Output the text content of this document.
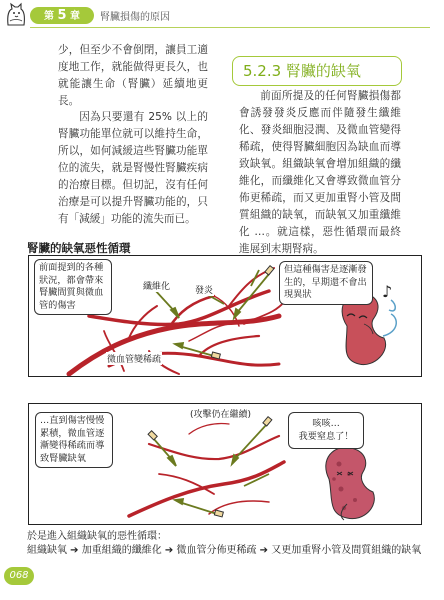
第 5 章	腎臟損傷的原因

少，但至少不會倒閉，讓員工適度地工作，就能做得更長久，也就能讓生命（腎臟）延續地更長。

因為只要還有 25% 以上的腎臟功能單位就可以維持生命，所以，如何減緩這些腎臟功能單位的流失，就是腎慢性腎臟疾病的治療目標。但切記，沒有任何治療是可以提升腎臟功能的，只有「減緩」功能的流失而已。

5.2.3 腎臟的缺氧

前面所提及的任何腎臟損傷都會誘發發炎反應而伴隨發生纖維化、發炎細胞浸潤、及微血管變得稀疏，使得腎臟細胞因為缺血而導致缺氧。組織缺氧會增加組織的纖維化，而纖維化又會導致微血管分佈更稀疏，而又更加重腎小管及間質組織的缺氧，而缺氧又加重纖維化 …。就這樣，惡性循環而最終進展到末期腎病。

腎臟的缺氧惡性循環
前面提到的各種狀況，都會帶來腎臟間質與微血管的傷害
但這種傷害是逐漸發生的，早期還不會出現異狀
纖維化	發炎
微血管變稀疏
♪
…直到傷害慢慢累積，微血管逐漸變得稀疏而導致腎臟缺氧
(攻擊仍在繼續)
咳咳…
我要窒息了！
於是進入組織缺氧的惡性循環：
組織缺氧 ➔ 加重組織的纖維化 ➔ 微血管分佈更稀疏 ➔ 又更加重腎小管及間質組織的缺氧
068
